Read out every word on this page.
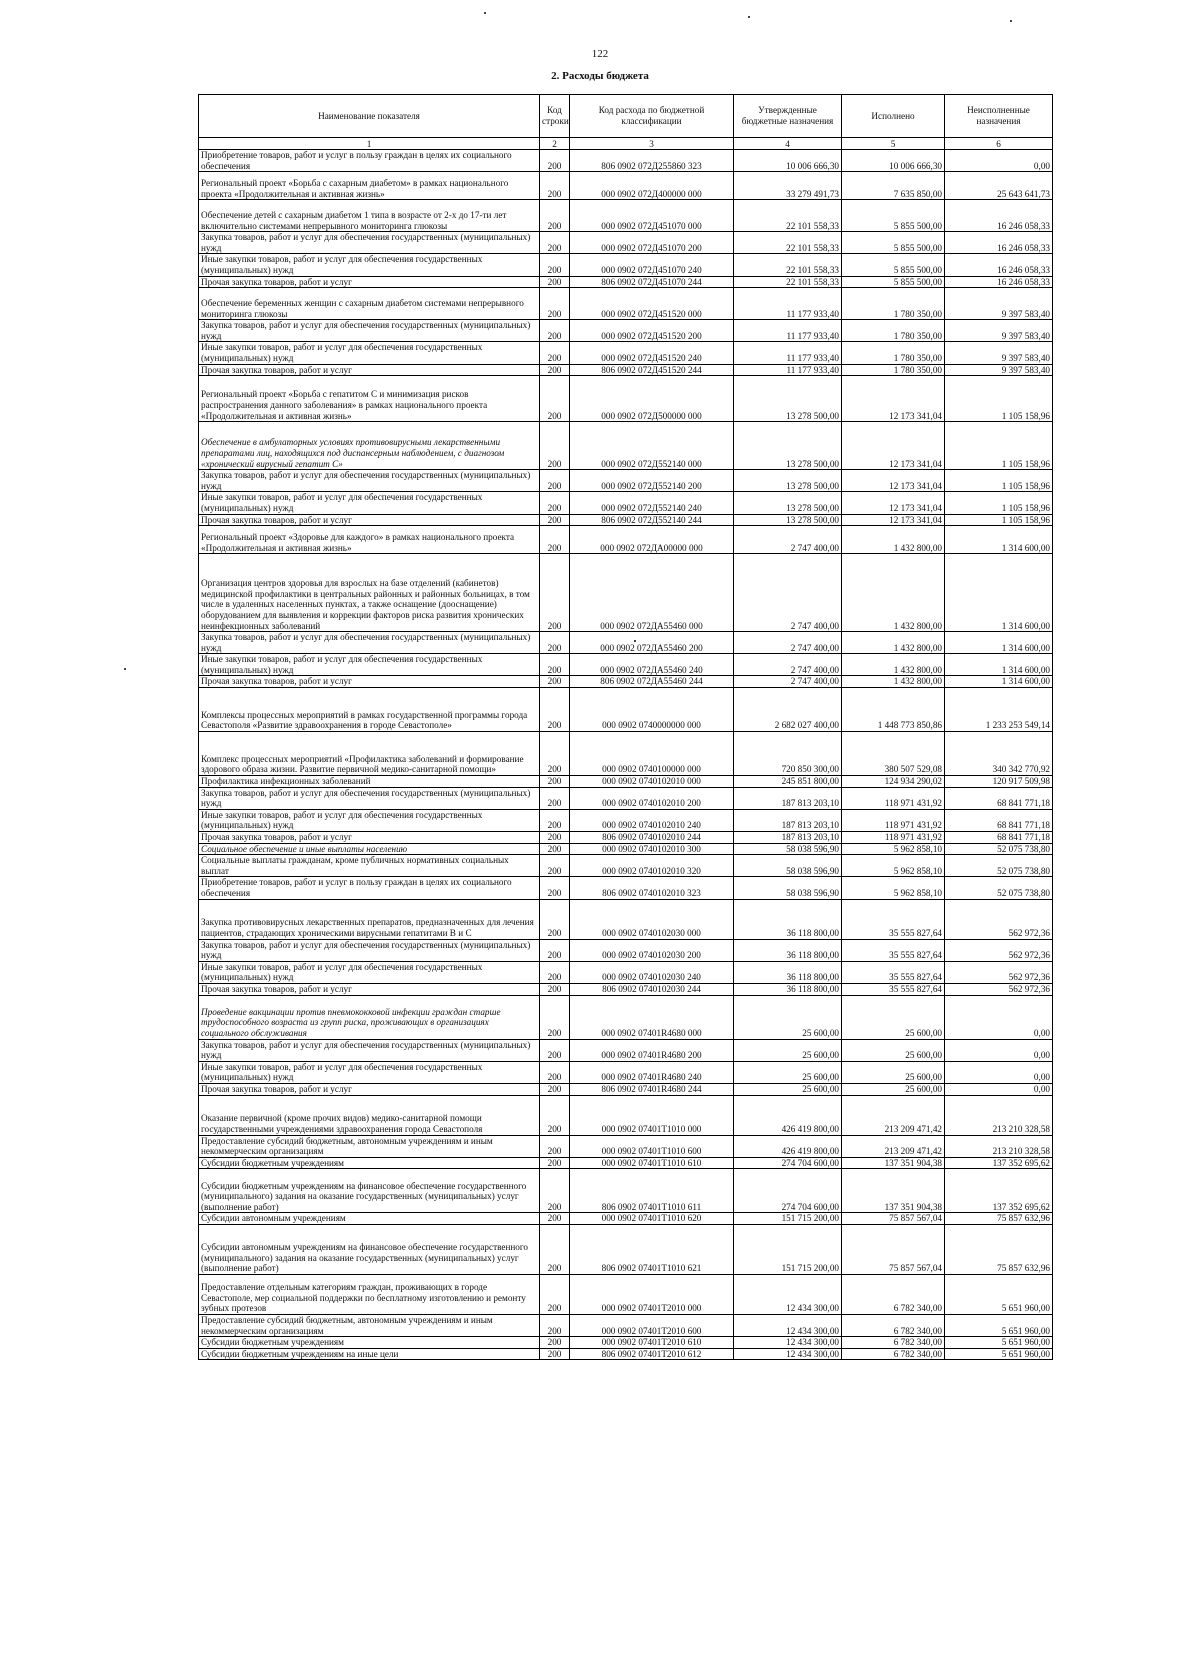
122
2. Расходы бюджета
Наименование показателя	Код строки	Код расхода по бюджетной классификации	Утвержденные бюджетные назначения	Исполнено	Неисполненные назначения
1	2	3	4	5	6
Приобретение товаров, работ и услуг в пользу граждан в целях их социального обеспечения	200	806 0902 072Д255860 323	10 006 666,30	10 006 666,30	0,00
Региональный проект «Борьба с сахарным диабетом» в рамках национального проекта «Продолжительная и активная жизнь»	200	000 0902 072Д400000 000	33 279 491,73	7 635 850,00	25 643 641,73
Обеспечение детей с сахарным диабетом 1 типа в возрасте от 2-х до 17-ти лет включительно системами непрерывного мониторинга глюкозы	200	000 0902 072Д451070 000	22 101 558,33	5 855 500,00	16 246 058,33
Закупка товаров, работ и услуг для обеспечения государственных (муниципальных) нужд	200	000 0902 072Д451070 200	22 101 558,33	5 855 500,00	16 246 058,33
Иные закупки товаров, работ и услуг для обеспечения государственных (муниципальных) нужд	200	000 0902 072Д451070 240	22 101 558,33	5 855 500,00	16 246 058,33
Прочая закупка товаров, работ и услуг	200	806 0902 072Д451070 244	22 101 558,33	5 855 500,00	16 246 058,33
Обеспечение беременных женщин с сахарным диабетом системами непрерывного мониторинга глюкозы	200	000 0902 072Д451520 000	11 177 933,40	1 780 350,00	9 397 583,40
Закупка товаров, работ и услуг для обеспечения государственных (муниципальных) нужд	200	000 0902 072Д451520 200	11 177 933,40	1 780 350,00	9 397 583,40
Иные закупки товаров, работ и услуг для обеспечения государственных (муниципальных) нужд	200	000 0902 072Д451520 240	11 177 933,40	1 780 350,00	9 397 583,40
Прочая закупка товаров, работ и услуг	200	806 0902 072Д451520 244	11 177 933,40	1 780 350,00	9 397 583,40
Региональный проект «Борьба с гепатитом С и минимизация рисков распространения данного заболевания» в рамках национального проекта «Продолжительная и активная жизнь»	200	000 0902 072Д500000 000	13 278 500,00	12 173 341,04	1 105 158,96
Обеспечение в амбулаторных условиях противовирусными лекарственными препаратами лиц, находящихся под диспансерным наблюдением, с диагнозом «хронический вирусный гепатит С»	200	000 0902 072Д552140 000	13 278 500,00	12 173 341,04	1 105 158,96
Закупка товаров, работ и услуг для обеспечения государственных (муниципальных) нужд	200	000 0902 072Д552140 200	13 278 500,00	12 173 341,04	1 105 158,96
Иные закупки товаров, работ и услуг для обеспечения государственных (муниципальных) нужд	200	000 0902 072Д552140 240	13 278 500,00	12 173 341,04	1 105 158,96
Прочая закупка товаров, работ и услуг	200	806 0902 072Д552140 244	13 278 500,00	12 173 341,04	1 105 158,96
Региональный проект «Здоровье для каждого» в рамках национального проекта «Продолжительная и активная жизнь»	200	000 0902 072ДА00000 000	2 747 400,00	1 432 800,00	1 314 600,00
Организация центров здоровья для взрослых на базе отделений (кабинетов) медицинской профилактики в центральных районных и районных больницах, в том числе в удаленных населенных пунктах, а также оснащение (дооснащение) оборудованием для выявления и коррекции факторов риска развития хронических неинфекционных заболеваний	200	000 0902 072ДА55460 000	2 747 400,00	1 432 800,00	1 314 600,00
Закупка товаров, работ и услуг для обеспечения государственных (муниципальных) нужд	200	000 0902 072ДА55460 200	2 747 400,00	1 432 800,00	1 314 600,00
Иные закупки товаров, работ и услуг для обеспечения государственных (муниципальных) нужд	200	000 0902 072ДА55460 240	2 747 400,00	1 432 800,00	1 314 600,00
Прочая закупка товаров, работ и услуг	200	806 0902 072ДА55460 244	2 747 400,00	1 432 800,00	1 314 600,00
Комплексы процессных мероприятий в рамках государственной программы города Севастополя «Развитие здравоохранения в городе Севастополе»	200	000 0902 0740000000 000	2 682 027 400,00	1 448 773 850,86	1 233 253 549,14
Комплекс процессных мероприятий «Профилактика заболеваний и формирование здорового образа жизни. Развитие первичной медико-санитарной помощи»	200	000 0902 0740100000 000	720 850 300,00	380 507 529,08	340 342 770,92
Профилактика инфекционных заболеваний	200	000 0902 0740102010 000	245 851 800,00	124 934 290,02	120 917 509,98
Закупка товаров, работ и услуг для обеспечения государственных (муниципальных) нужд	200	000 0902 0740102010 200	187 813 203,10	118 971 431,92	68 841 771,18
Иные закупки товаров, работ и услуг для обеспечения государственных (муниципальных) нужд	200	000 0902 0740102010 240	187 813 203,10	118 971 431,92	68 841 771,18
Прочая закупка товаров, работ и услуг	200	806 0902 0740102010 244	187 813 203,10	118 971 431,92	68 841 771,18
Социальное обеспечение и иные выплаты населению	200	000 0902 0740102010 300	58 038 596,90	5 962 858,10	52 075 738,80
Социальные выплаты гражданам, кроме публичных нормативных социальных выплат	200	000 0902 0740102010 320	58 038 596,90	5 962 858,10	52 075 738,80
Приобретение товаров, работ и услуг в пользу граждан в целях их социального обеспечения	200	806 0902 0740102010 323	58 038 596,90	5 962 858,10	52 075 738,80
Закупка противовирусных лекарственных препаратов, предназначенных для лечения пациентов, страдающих хроническими вирусными гепатитами В и С	200	000 0902 0740102030 000	36 118 800,00	35 555 827,64	562 972,36
Закупка товаров, работ и услуг для обеспечения государственных (муниципальных) нужд	200	000 0902 0740102030 200	36 118 800,00	35 555 827,64	562 972,36
Иные закупки товаров, работ и услуг для обеспечения государственных (муниципальных) нужд	200	000 0902 0740102030 240	36 118 800,00	35 555 827,64	562 972,36
Прочая закупка товаров, работ и услуг	200	806 0902 0740102030 244	36 118 800,00	35 555 827,64	562 972,36
Проведение вакцинации против пневмококковой инфекции граждан старше трудоспособного возраста из групп риска, проживающих в организациях социального обслуживания	200	000 0902 07401R4680 000	25 600,00	25 600,00	0,00
Закупка товаров, работ и услуг для обеспечения государственных (муниципальных) нужд	200	000 0902 07401R4680 200	25 600,00	25 600,00	0,00
Иные закупки товаров, работ и услуг для обеспечения государственных (муниципальных) нужд	200	000 0902 07401R4680 240	25 600,00	25 600,00	0,00
Прочая закупка товаров, работ и услуг	200	806 0902 07401R4680 244	25 600,00	25 600,00	0,00
Оказание первичной (кроме прочих видов) медико-санитарной помощи государственными учреждениями здравоохранения города Севастополя	200	000 0902 07401Т1010 000	426 419 800,00	213 209 471,42	213 210 328,58
Предоставление субсидий бюджетным, автономным учреждениям и иным некоммерческим организациям	200	000 0902 07401Т1010 600	426 419 800,00	213 209 471,42	213 210 328,58
Субсидии бюджетным учреждениям	200	000 0902 07401Т1010 610	274 704 600,00	137 351 904,38	137 352 695,62
Субсидии бюджетным учреждениям на финансовое обеспечение государственного (муниципального) задания на оказание государственных (муниципальных) услуг (выполнение работ)	200	806 0902 07401Т1010 611	274 704 600,00	137 351 904,38	137 352 695,62
Субсидии автономным учреждениям	200	000 0902 07401Т1010 620	151 715 200,00	75 857 567,04	75 857 632,96
Субсидии автономным учреждениям на финансовое обеспечение государственного (муниципального) задания на оказание государственных (муниципальных) услуг (выполнение работ)	200	806 0902 07401Т1010 621	151 715 200,00	75 857 567,04	75 857 632,96
Предоставление отдельным категориям граждан, проживающих в городе Севастополе, мер социальной поддержки по бесплатному изготовлению и ремонту зубных протезов	200	000 0902 07401Т2010 000	12 434 300,00	6 782 340,00	5 651 960,00
Предоставление субсидий бюджетным, автономным учреждениям и иным некоммерческим организациям	200	000 0902 07401Т2010 600	12 434 300,00	6 782 340,00	5 651 960,00
Субсидии бюджетным учреждениям	200	000 0902 07401Т2010 610	12 434 300,00	6 782 340,00	5 651 960,00
Субсидии бюджетным учреждениям на иные цели	200	806 0902 07401Т2010 612	12 434 300,00	6 782 340,00	5 651 960,00
